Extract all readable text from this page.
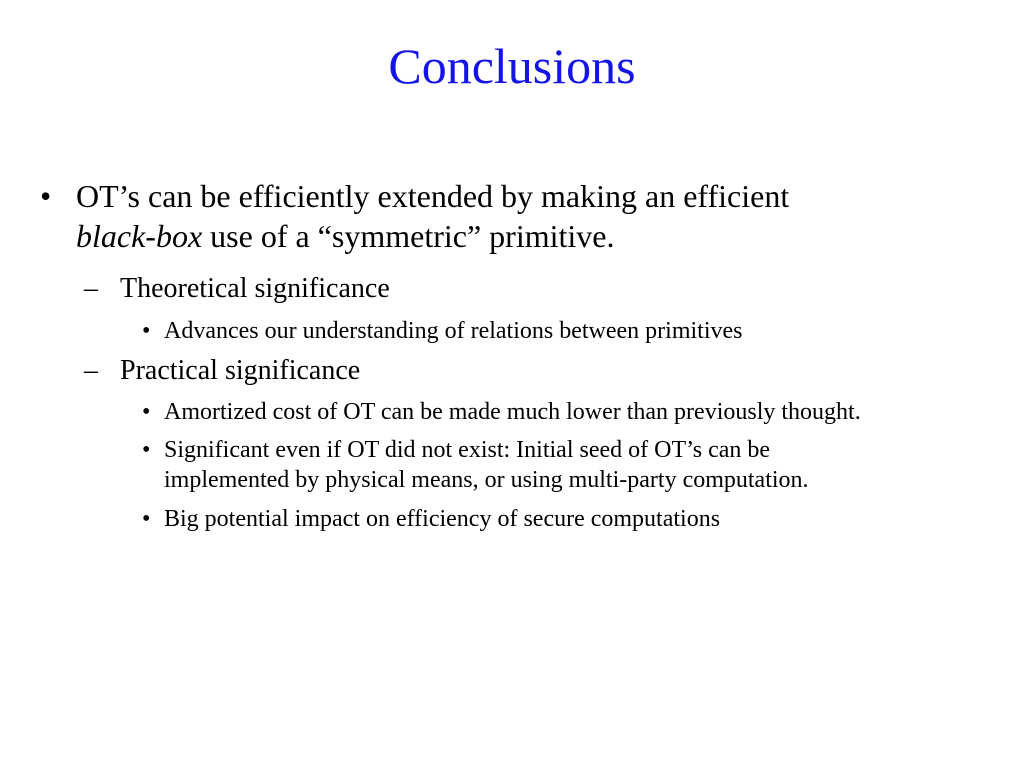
Conclusions
• OT’s can be efficiently extended by making an efficient
black-box use of a “symmetric” primitive.
– Theoretical significance
• Advances our understanding of relations between primitives
– Practical significance
• Amortized cost of OT can be made much lower than previously thought.
• Significant even if OT did not exist: Initial seed of OT’s can be
implemented by physical means, or using multi-party computation.
• Big potential impact on efficiency of secure computations
